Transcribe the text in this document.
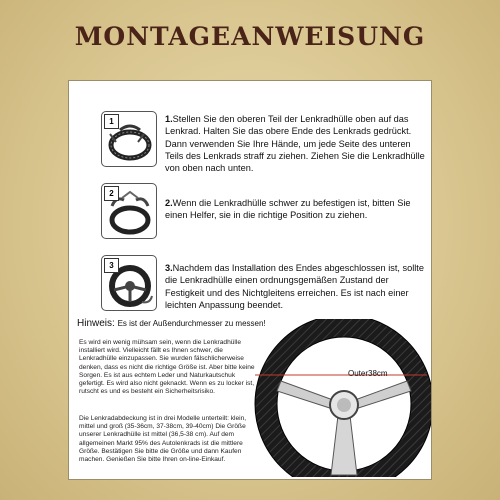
MONTAGEANWEISUNG
1	1.Stellen Sie den oberen Teil der Lenkradhülle oben auf das Lenkrad. Halten Sie das obere Ende des Lenkrads gedrückt. Dann verwenden Sie Ihre Hände, um jede Seite des unteren Teils des Lenkrads straff zu ziehen. Ziehen Sie die Lenkradhülle von oben nach unten.
2
2.Wenn die Lenkradhülle schwer zu befestigen ist, bitten Sie einen Helfer, sie in die richtige Position zu ziehen.
3	3.Nachdem das Installation des Endes abgeschlossen ist, sollte die Lenkradhülle einen ordnungsgemäßen Zustand der Festigkeit und des Nichtgleitens erreichen. Es ist nach einer leichten Anpassung beendet.
Hinweis: Es ist der Außendurchmesser zu messen!
Es wird ein wenig mühsam sein, wenn die Lenkradhülle installiert wird. Vielleicht fällt es Ihnen schwer, die Lenkradhülle einzupassen. Sie wurden fälschlicherweise denken, dass es nicht die richtige Größe ist. Aber bitte keine Sorgen. Es ist aus echtem Leder und Naturkautschuk gefertigt. Es wird also nicht geknackt. Wenn es zu locker ist, rutscht es und es besteht ein Sicherheitsrisiko.
Die Lenkradabdeckung ist in drei Modelle unterteilt: klein, mittel und groß (35-36cm, 37-38cm, 39-40cm) Die Größe unserer Lenkradhülle ist mittel (36,5-38 cm). Auf dem allgemeinen Markt 95% des Autolenkrads ist die mittlere Größe. Bestätigen Sie bitte die Größe und dann Kaufen machen. Genießen Sie bitte Ihren on-line-Einkauf.
Outer38cm
